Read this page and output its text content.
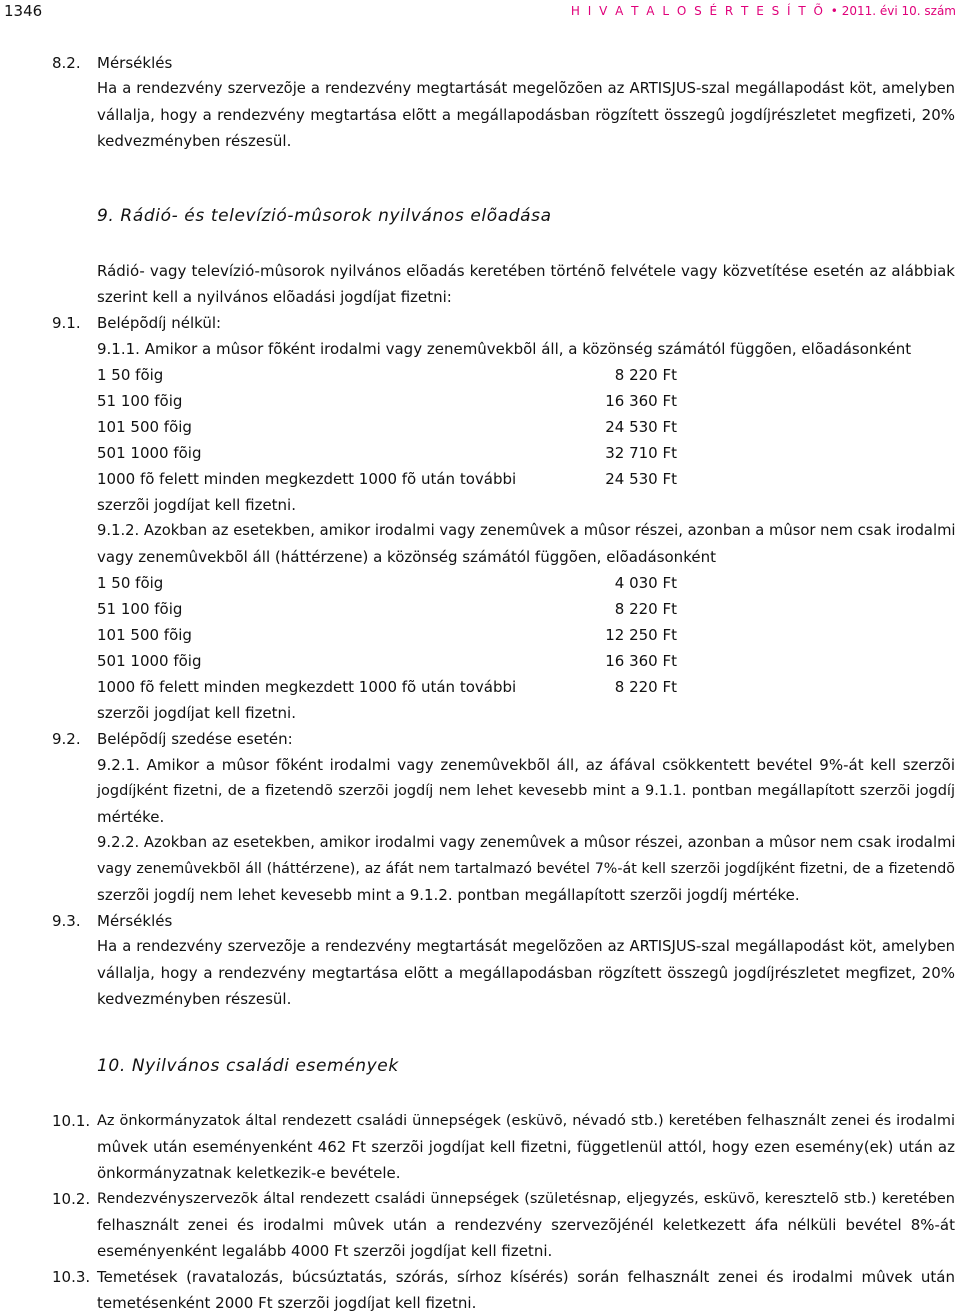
1346	H I V A T A L O S É R T E S Í T Õ • 2011. évi 10. szám
8.2. Mérséklés
Ha a rendezvény szervezõje a rendezvény megtartását megelõzõen az ARTISJUS-szal megállapodást köt, amelyben
vállalja, hogy a rendezvény megtartása elõtt a megállapodásban rögzített összegû jogdíjrészletet megfizeti, 20%
kedvezményben részesül.
9. Rádió- és televízió-mûsorok nyilvános elõadása
Rádió- vagy televízió-mûsorok nyilvános elõadás keretében történõ felvétele vagy közvetítése esetén az alábbiak
szerint kell a nyilvános elõadási jogdíjat fizetni:
9.1. Belépõdíj nélkül:
9.1.1. Amikor a mûsor fõként irodalmi vagy zenemûvekbõl áll, a közönség számától függõen, elõadásonként
1 50 fõig	8 220 Ft
51 100 fõig	16 360 Ft
101 500 fõig	24 530 Ft
501 1000 fõig	32 710 Ft
1000 fõ felett minden megkezdett 1000 fõ után további	24 530 Ft
szerzõi jogdíjat kell fizetni.
9.1.2. Azokban az esetekben, amikor irodalmi vagy zenemûvek a mûsor részei, azonban a mûsor nem csak irodalmi
vagy zenemûvekbõl áll (háttérzene) a közönség számától függõen, elõadásonként
1 50 fõig	4 030 Ft
51 100 fõig	8 220 Ft
101 500 fõig	12 250 Ft
501 1000 fõig	16 360 Ft
1000 fõ felett minden megkezdett 1000 fõ után további	8 220 Ft
szerzõi jogdíjat kell fizetni.
9.2. Belépõdíj szedése esetén:
9.2.1. Amikor a mûsor fõként irodalmi vagy zenemûvekbõl áll, az áfával csökkentett bevétel 9%-át kell szerzõi
jogdíjként fizetni, de a fizetendõ szerzõi jogdíj nem lehet kevesebb mint a 9.1.1. pontban megállapított szerzõi jogdíj
mértéke.
9.2.2. Azokban az esetekben, amikor irodalmi vagy zenemûvek a mûsor részei, azonban a mûsor nem csak irodalmi
vagy zenemûvekbõl áll (háttérzene), az áfát nem tartalmazó bevétel 7%-át kell szerzõi jogdíjként fizetni, de a fizetendõ
szerzõi jogdíj nem lehet kevesebb mint a 9.1.2. pontban megállapított szerzõi jogdíj mértéke.
9.3. Mérséklés
Ha a rendezvény szervezõje a rendezvény megtartását megelõzõen az ARTISJUS-szal megállapodást köt, amelyben
vállalja, hogy a rendezvény megtartása elõtt a megállapodásban rögzített összegû jogdíjrészletet megfizet, 20%
kedvezményben részesül.
10. Nyilvános családi események
10.1. Az önkormányzatok által rendezett családi ünnepségek (esküvõ, névadó stb.) keretében felhasznált zenei és irodalmi
mûvek után eseményenként 462 Ft szerzõi jogdíjat kell fizetni, függetlenül attól, hogy ezen esemény(ek) után az
önkormányzatnak keletkezik-e bevétele.
10.2. Rendezvényszervezõk által rendezett családi ünnepségek (születésnap, eljegyzés, esküvõ, keresztelõ stb.) keretében
felhasznált zenei és irodalmi mûvek után a rendezvény szervezõjénél keletkezett áfa nélküli bevétel 8%-át
eseményenként legalább 4000 Ft szerzõi jogdíjat kell fizetni.
10.3. Temetések (ravatalozás, búcsúztatás, szórás, sírhoz kísérés) során felhasznált zenei és irodalmi mûvek után
temetésenként 2000 Ft szerzõi jogdíjat kell fizetni.
